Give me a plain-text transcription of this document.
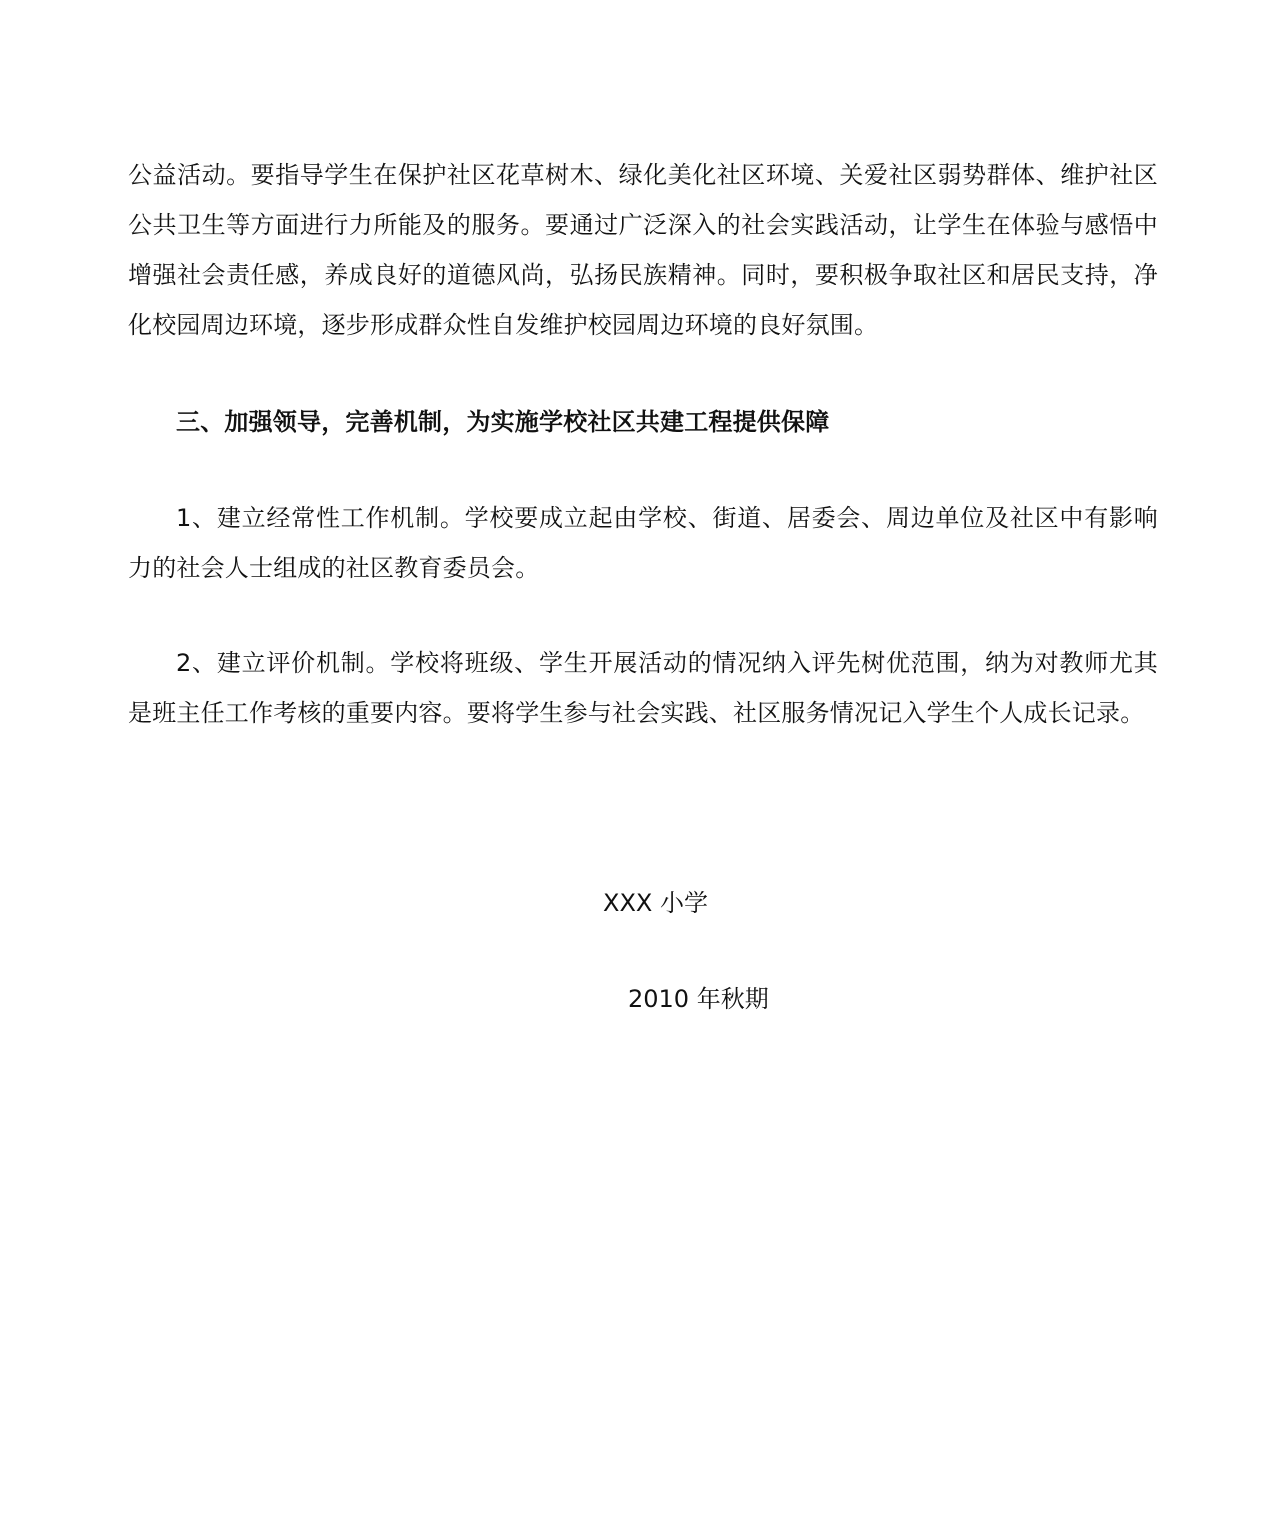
公益活动。要指导学生在保护社区花草树木、绿化美化社区环境、关爱社区弱势群体、维护社区公共卫生等方面进行力所能及的服务。要通过广泛深入的社会实践活动，让学生在体验与感悟中增强社会责任感，养成良好的道德风尚，弘扬民族精神。同时，要积极争取社区和居民支持，净化校园周边环境，逐步形成群众性自发维护校园周边环境的良好氛围。

三、加强领导，完善机制，为实施学校社区共建工程提供保障

1、建立经常性工作机制。学校要成立起由学校、街道、居委会、周边单位及社区中有影响力的社会人士组成的社区教育委员会。

2、建立评价机制。学校将班级、学生开展活动的情况纳入评先树优范围，纳为对教师尤其是班主任工作考核的重要内容。要将学生参与社会实践、社区服务情况记入学生个人成长记录。

XXX 小学

2010 年秋期
